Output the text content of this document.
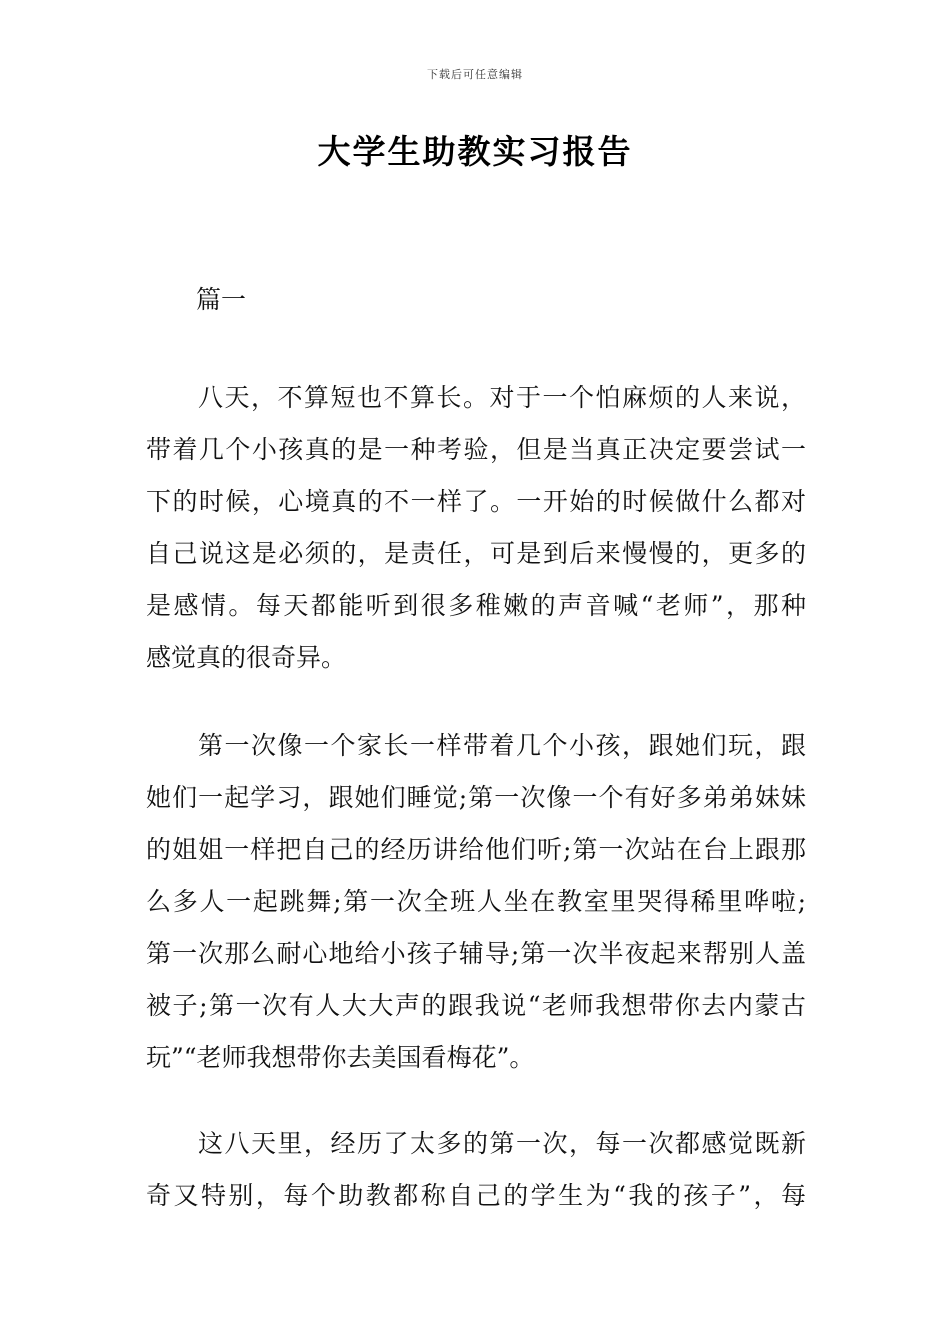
下载后可任意编辑
大学生助教实习报告
篇一
八天，不算短也不算长。对于一个怕麻烦的人来说，
带着几个小孩真的是一种考验，但是当真正决定要尝试一
下的时候，心境真的不一样了。一开始的时候做什么都对
自己说这是必须的，是责任，可是到后来慢慢的，更多的
是感情。每天都能听到很多稚嫩的声音喊“老师”，那种
感觉真的很奇异。
第一次像一个家长一样带着几个小孩，跟她们玩，跟
她们一起学习，跟她们睡觉;第一次像一个有好多弟弟妹妹
的姐姐一样把自己的经历讲给他们听;第一次站在台上跟那
么多人一起跳舞;第一次全班人坐在教室里哭得稀里哗啦;
第一次那么耐心地给小孩子辅导;第一次半夜起来帮别人盖
被子;第一次有人大大声的跟我说“老师我想带你去内蒙古
玩”“老师我想带你去美国看梅花”。
这八天里，经历了太多的第一次，每一次都感觉既新
奇又特别，每个助教都称自己的学生为“我的孩子”，每
